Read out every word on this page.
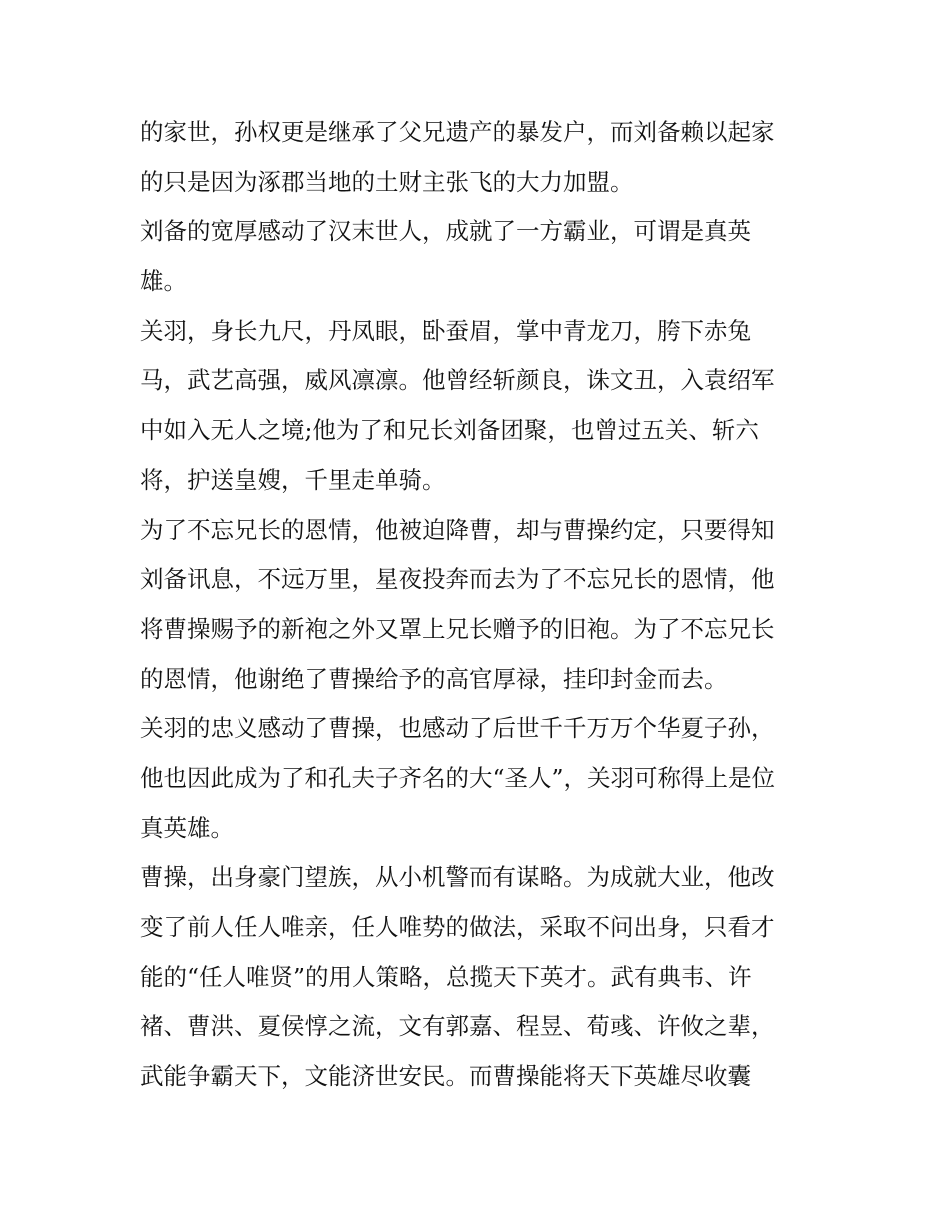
的家世，孙权更是继承了父兄遗产的暴发户，而刘备赖以起家
的只是因为涿郡当地的土财主张飞的大力加盟。
刘备的宽厚感动了汉末世人，成就了一方霸业，可谓是真英
雄。
关羽，身长九尺，丹凤眼，卧蚕眉，掌中青龙刀，胯下赤兔
马，武艺高强，威风凛凛。他曾经斩颜良，诛文丑，入袁绍军
中如入无人之境;他为了和兄长刘备团聚，也曾过五关、斩六
将，护送皇嫂，千里走单骑。
为了不忘兄长的恩情，他被迫降曹，却与曹操约定，只要得知
刘备讯息，不远万里，星夜投奔而去为了不忘兄长的恩情，他
将曹操赐予的新袍之外又罩上兄长赠予的旧袍。为了不忘兄长
的恩情，他谢绝了曹操给予的高官厚禄，挂印封金而去。
关羽的忠义感动了曹操，也感动了后世千千万万个华夏子孙，
他也因此成为了和孔夫子齐名的大“圣人”，关羽可称得上是位
真英雄。
曹操，出身豪门望族，从小机警而有谋略。为成就大业，他改
变了前人任人唯亲，任人唯势的做法，采取不问出身，只看才
能的“任人唯贤”的用人策略，总揽天下英才。武有典韦、许
褚、曹洪、夏侯惇之流，文有郭嘉、程昱、荀彧、许攸之辈，
武能争霸天下，文能济世安民。而曹操能将天下英雄尽收囊
